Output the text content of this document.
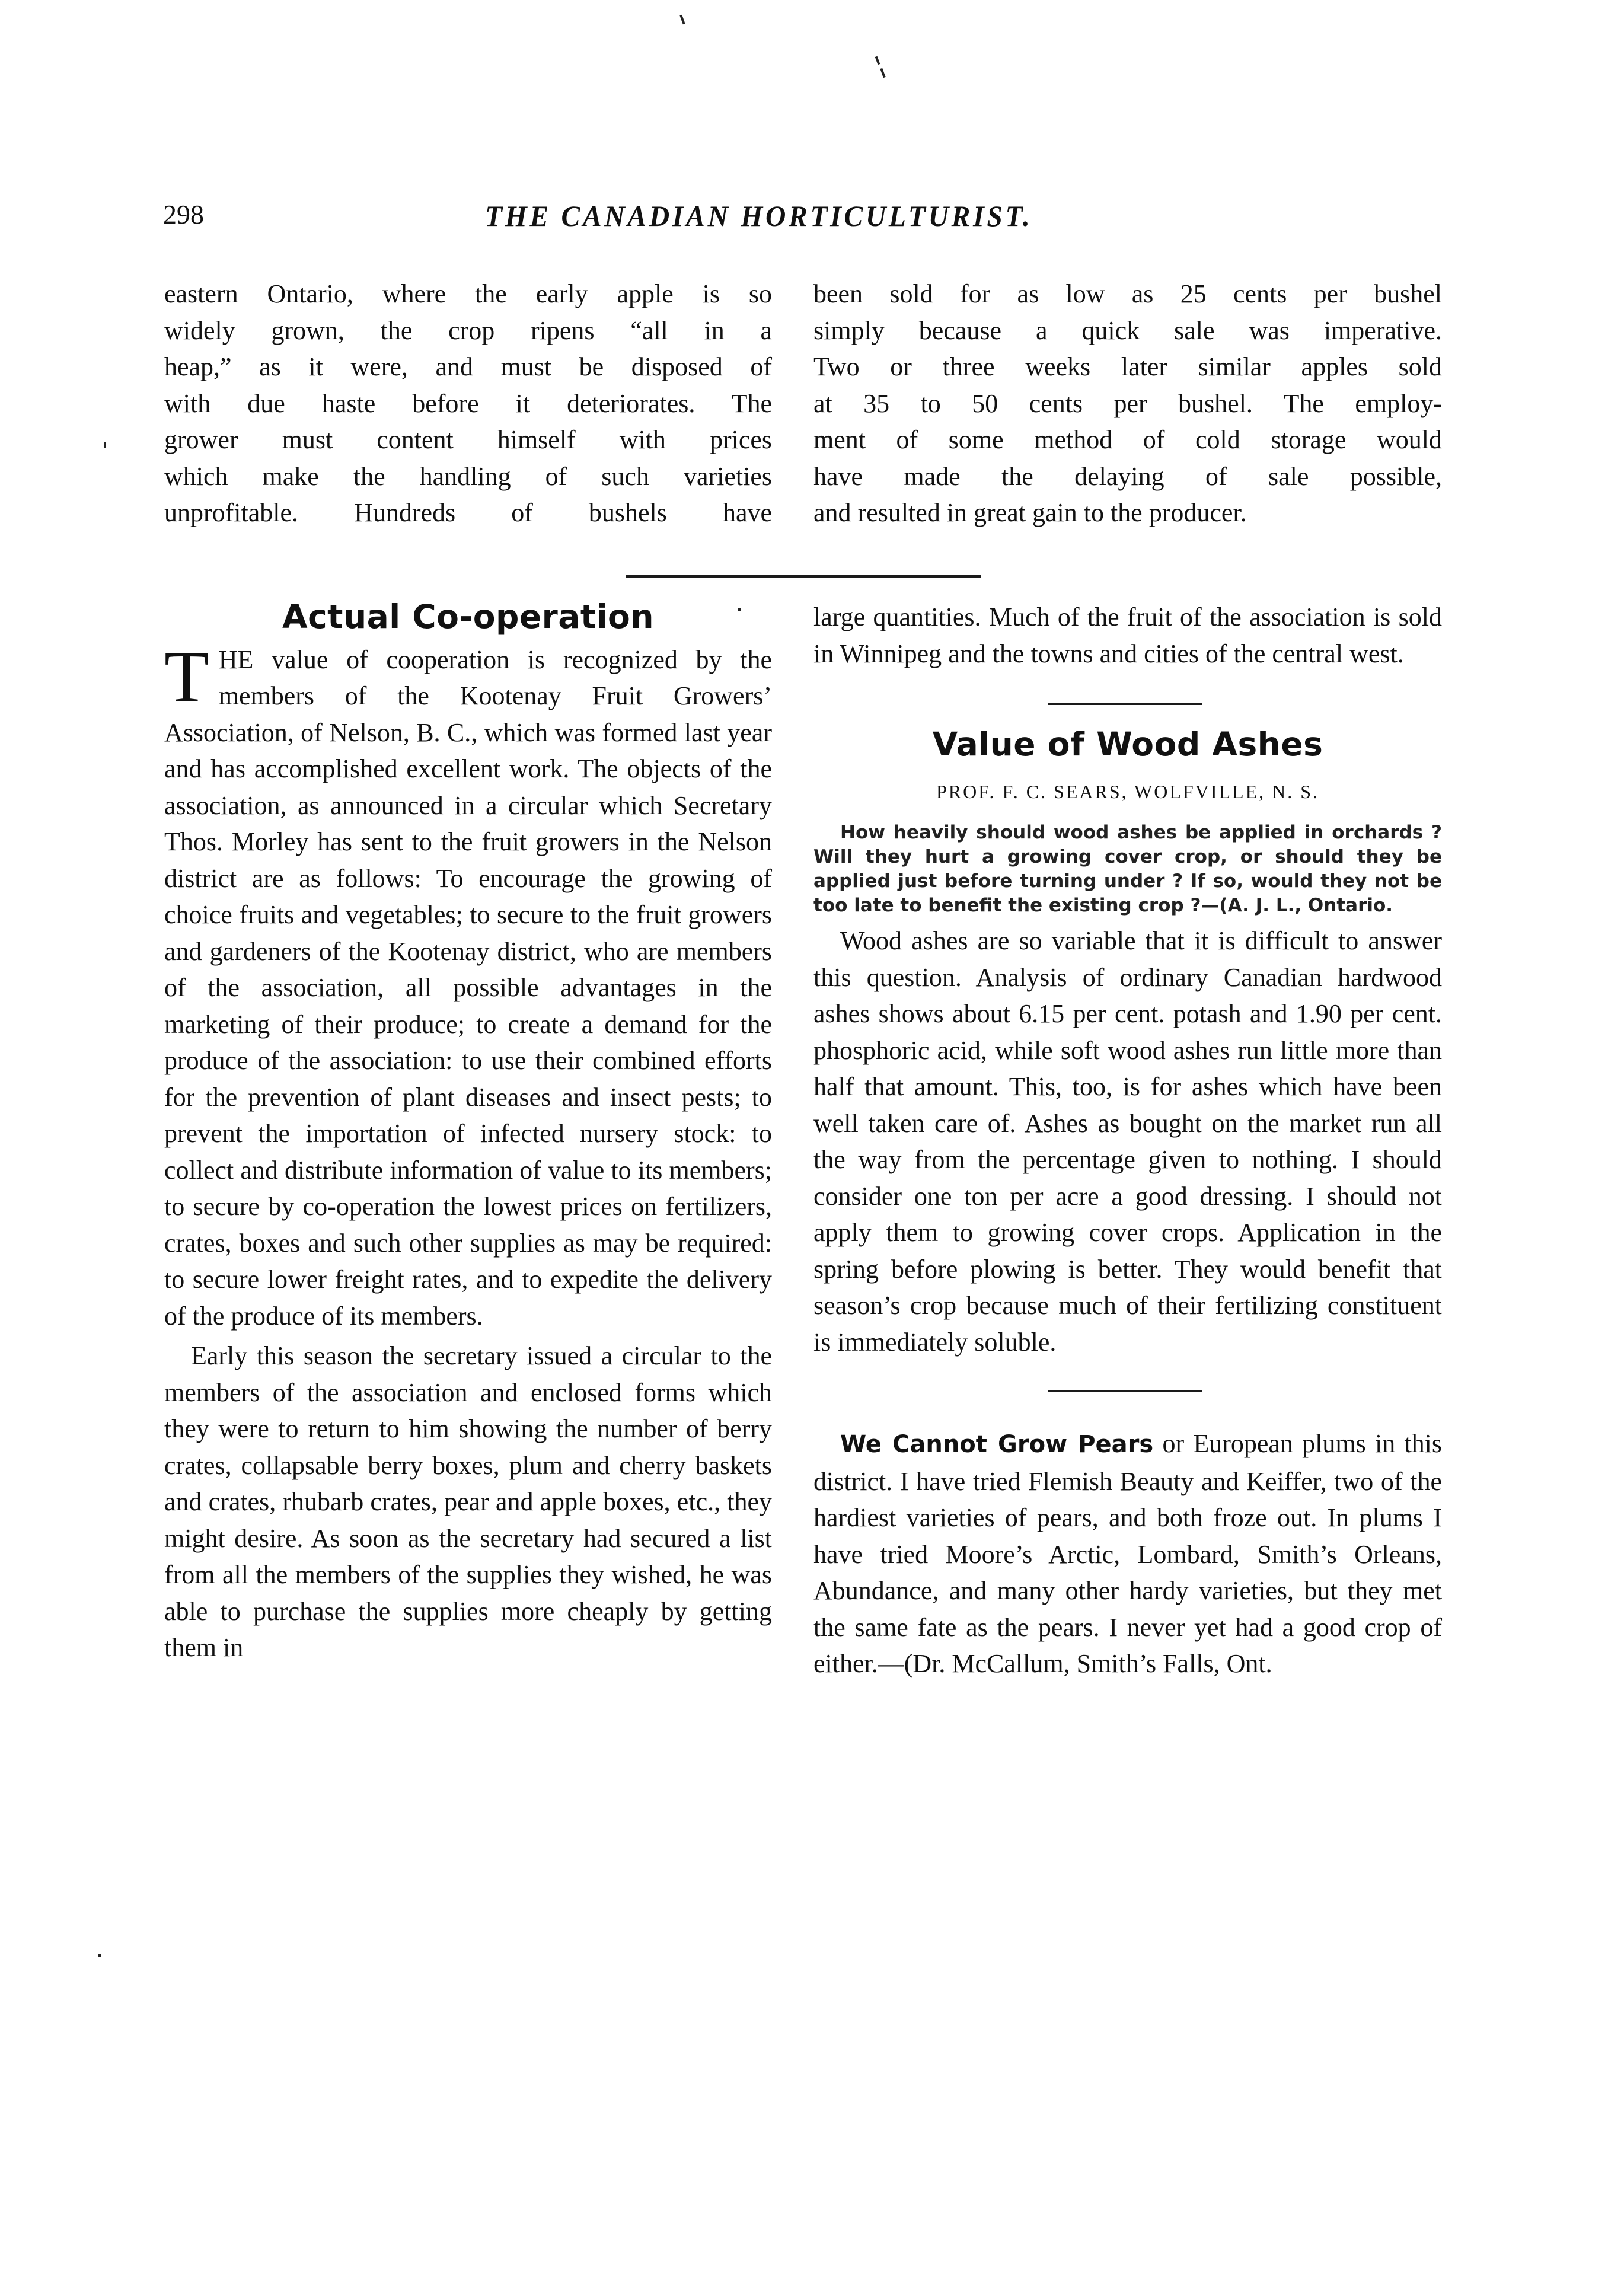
298	THE CANADIAN HORTICULTURIST.
eastern Ontario, where the early apple is so
widely grown, the crop ripens “all in a
heap,” as it were, and must be disposed of
with due haste before it deteriorates. The
grower must content himself with prices
which make the handling of such varieties
unprofitable. Hundreds of bushels have
been sold for as low as 25 cents per bushel
simply because a quick sale was imperative.
Two or three weeks later similar apples sold
at 35 to 50 cents per bushel. The employ-
ment of some method of cold storage would
have made the delaying of sale possible,
and resulted in great gain to the producer.
Actual Co-operation

THE value of cooperation is recognized by the members of the Kootenay Fruit Growers’ Association, of Nelson, B. C., which was formed last year and has accomplished excellent work. The objects of the association, as announced in a circular which Secretary Thos. Morley has sent to the fruit growers in the Nelson district are as follows: To encourage the growing of choice fruits and vegetables; to secure to the fruit growers and gardeners of the Kootenay district, who are members of the association, all possible advantages in the marketing of their produce; to create a demand for the produce of the association: to use their combined efforts for the prevention of plant diseases and insect pests; to prevent the importation of infected nursery stock: to collect and distribute information of value to its members; to secure by co-operation the lowest prices on fertilizers, crates, boxes and such other supplies as may be required: to secure lower freight rates, and to expedite the delivery of the produce of its members.

Early this season the secretary issued a circular to the members of the association and enclosed forms which they were to return to him showing the number of berry crates, collapsable berry boxes, plum and cherry baskets and crates, rhubarb crates, pear and apple boxes, etc., they might desire. As soon as the secretary had secured a list from all the members of the supplies they wished, he was able to purchase the supplies more cheaply by getting them in

large quantities. Much of the fruit of the association is sold in Winnipeg and the towns and cities of the central west.

Value of Wood Ashes
PROF. F. C. SEARS, WOLFVILLE, N. S.

How heavily should wood ashes be applied in orchards ? Will they hurt a growing cover crop, or should they be applied just before turning under ? If so, would they not be too late to benefit the existing crop ?—(A. J. L., Ontario.

Wood ashes are so variable that it is difficult to answer this question. Analysis of ordinary Canadian hardwood ashes shows about 6.15 per cent. potash and 1.90 per cent. phosphoric acid, while soft wood ashes run little more than half that amount. This, too, is for ashes which have been well taken care of. Ashes as bought on the market run all the way from the percentage given to nothing. I should consider one ton per acre a good dressing. I should not apply them to growing cover crops. Application in the spring before plowing is better. They would benefit that season’s crop because much of their fertilizing constituent is immediately soluble.

We Cannot Grow Pears or European plums in this district. I have tried Flemish Beauty and Keiffer, two of the hardiest varieties of pears, and both froze out. In plums I have tried Moore’s Arctic, Lombard, Smith’s Orleans, Abundance, and many other hardy varieties, but they met the same fate as the pears. I never yet had a good crop of either.—(Dr. McCallum, Smith’s Falls, Ont.
